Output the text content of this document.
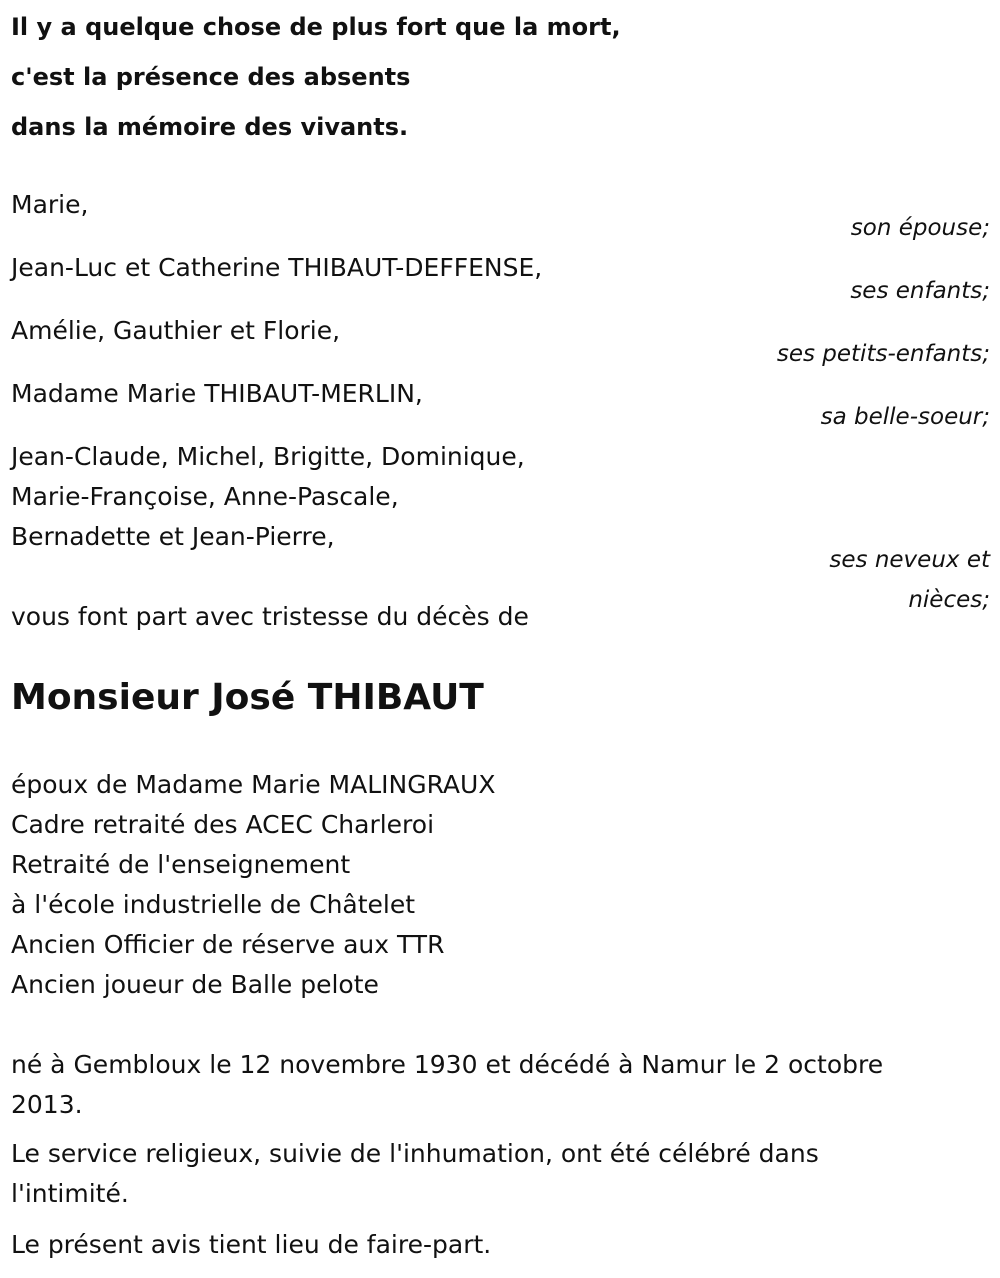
Il y a quelque chose de plus fort que la mort,
c'est la présence des absents
dans la mémoire des vivants.
Marie,
son épouse;
Jean-Luc et Catherine THIBAUT-DEFFENSE,
ses enfants;
Amélie, Gauthier et Florie,
ses petits-enfants;
Madame Marie THIBAUT-MERLIN,
sa belle-soeur;
Jean-Claude, Michel, Brigitte, Dominique,
Marie-Françoise, Anne-Pascale,
Bernadette et Jean-Pierre,
ses neveux et
nièces;
vous font part avec tristesse du décès de
Monsieur José THIBAUT
époux de Madame Marie MALINGRAUX
Cadre retraité des ACEC Charleroi
Retraité de l'enseignement
à l'école industrielle de Châtelet
Ancien Officier de réserve aux TTR
Ancien joueur de Balle pelote
né à Gembloux le 12 novembre 1930 et décédé à Namur le 2 octobre
2013.
Le service religieux, suivie de l'inhumation, ont été célébré dans
l'intimité.
Le présent avis tient lieu de faire-part.
